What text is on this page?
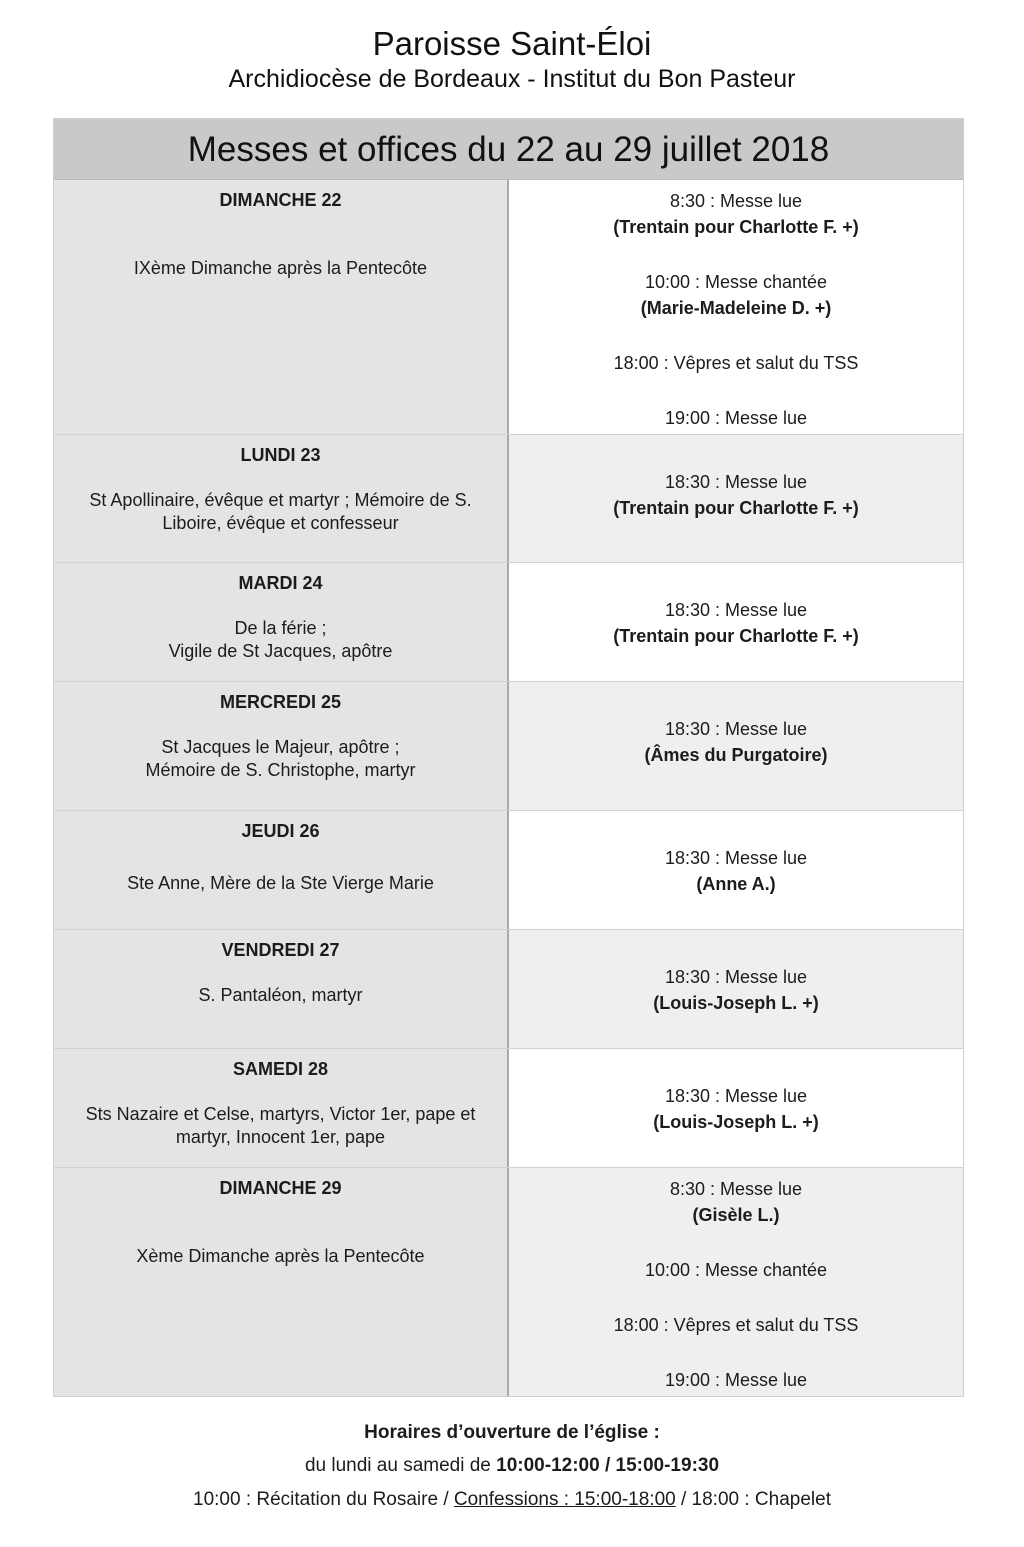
Paroisse Saint-Éloi
Archidiocèse de Bordeaux - Institut du Bon Pasteur
Messes et offices du 22 au 29 juillet 2018
DIMANCHE 22
IXème Dimanche après la Pentecôte
8:30 : Messe lue
(Trentain pour Charlotte F. +)
10:00 : Messe chantée
(Marie-Madeleine D. +)
18:00 : Vêpres et salut du TSS
19:00 : Messe lue
LUNDI 23
St Apollinaire, évêque et martyr ; Mémoire de S.
Liboire, évêque et confesseur
18:30 : Messe lue
(Trentain pour Charlotte F. +)
MARDI 24
De la férie ;
Vigile de St Jacques, apôtre
18:30 : Messe lue
(Trentain pour Charlotte F. +)
MERCREDI 25
St Jacques le Majeur, apôtre ;
Mémoire de S. Christophe, martyr
18:30 : Messe lue
(Âmes du Purgatoire)
JEUDI 26
Ste Anne, Mère de la Ste Vierge Marie
18:30 : Messe lue
(Anne A.)
VENDREDI 27
S. Pantaléon, martyr
18:30 : Messe lue
(Louis-Joseph L. +)
SAMEDI 28
Sts Nazaire et Celse, martyrs, Victor 1er, pape et
martyr, Innocent 1er, pape
18:30 : Messe lue
(Louis-Joseph L. +)
DIMANCHE 29
Xème Dimanche après la Pentecôte
8:30 : Messe lue
(Gisèle L.)
10:00 : Messe chantée
18:00 : Vêpres et salut du TSS
19:00 : Messe lue
Horaires d’ouverture de l’église :
du lundi au samedi de 10:00-12:00 / 15:00-19:30
10:00 : Récitation du Rosaire / Confessions : 15:00-18:00 / 18:00 : Chapelet
